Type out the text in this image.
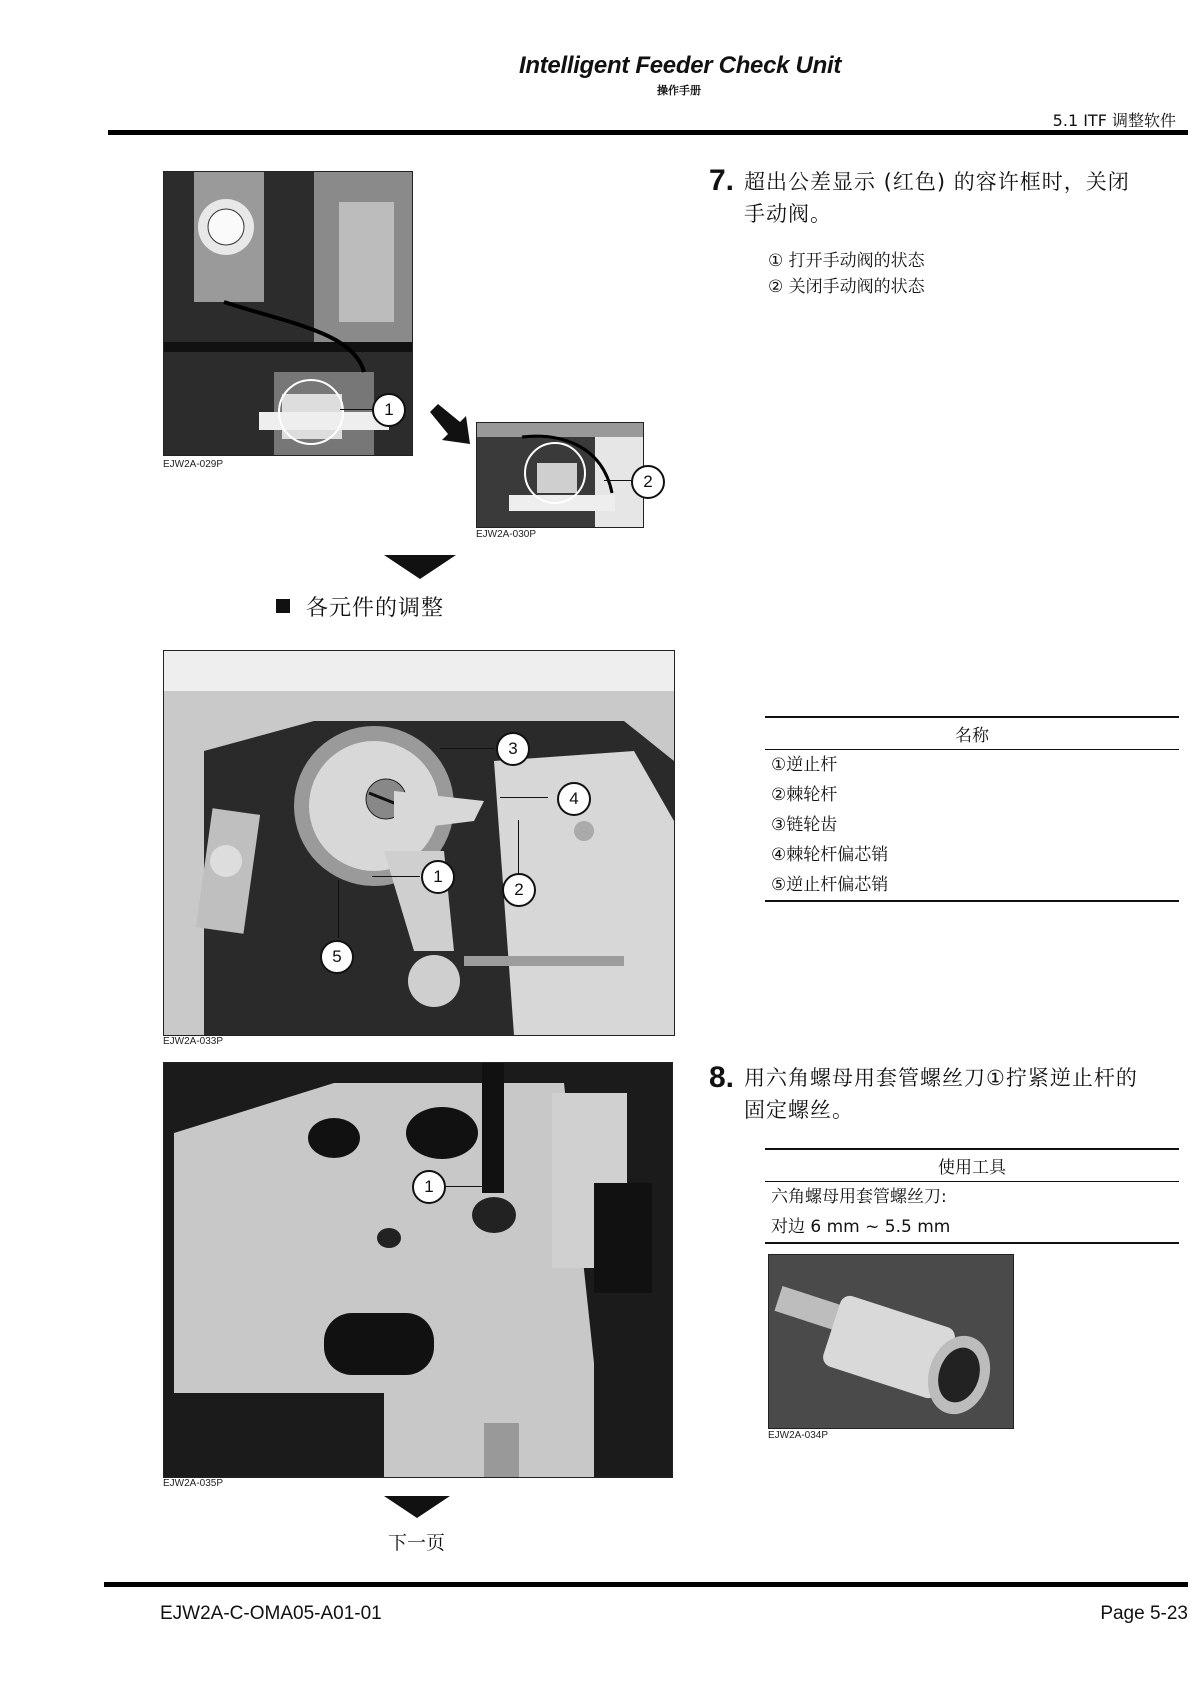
Intelligent Feeder Check Unit
操作手册
5.1 ITF 调整软件
1
EJW2A-029P
2
EJW2A-030P
7. 超出公差显示 (红色) 的容许框时，关闭
手动阀。
① 打开手动阀的状态
② 关闭手动阀的状态
各元件的调整
3
4
1
2
5
EJW2A-033P
名称
①逆止杆
②棘轮杆
③链轮齿
④棘轮杆偏芯销
⑤逆止杆偏芯销
1
EJW2A-035P
下一页
8. 用六角螺母用套管螺丝刀①拧紧逆止杆的
固定螺丝。
使用工具
六角螺母用套管螺丝刀:
对边 6 mm ~ 5.5 mm
EJW2A-034P
EJW2A-C-OMA05-A01-01	Page 5-23
